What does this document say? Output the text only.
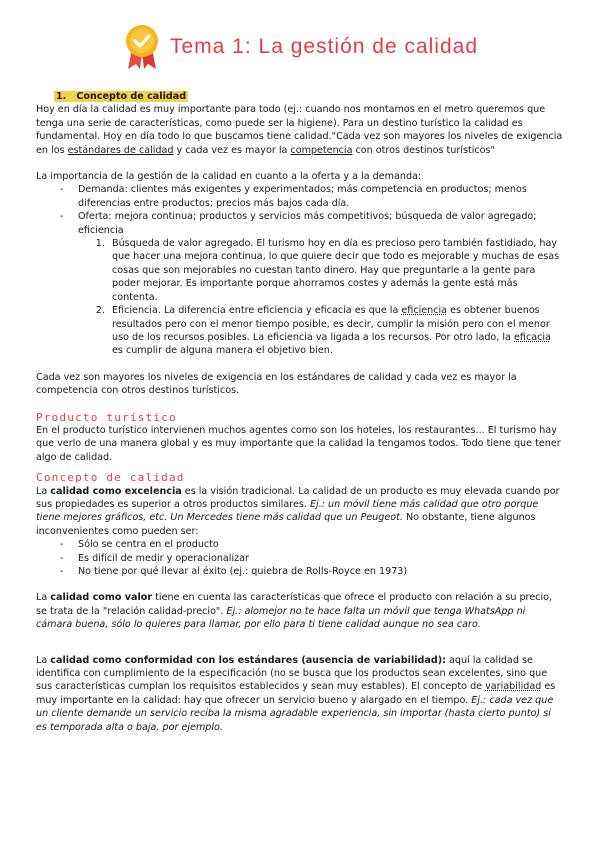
Tema 1: La gestión de calidad
1. Concepto de calidad

Hoy en día la calidad es muy importante para todo (ej.: cuando nos montamos en el metro queremos que tenga una serie de características, como puede ser la higiene). Para un destino turístico la calidad es fundamental. Hoy en día todo lo que buscamos tiene calidad."Cada vez son mayores los niveles de exigencia en los estándares de calidad y cada vez es mayor la competencia con otros destinos turísticos"

La importancia de la gestión de la calidad en cuanto a la oferta y a la demanda:

- Demanda: clientes más exigentes y experimentados; más competencia en productos; menos diferencias entre productos; precios más bajos cada día.
- Oferta: mejora continua; productos y servicios más competitivos; búsqueda de valor agregado; eficiencia
1. Búsqueda de valor agregado. El turismo hoy en día es precioso pero también fastidiado, hay que hacer una mejora continua, lo que quiere decir que todo es mejorable y muchas de esas cosas que son mejorables no cuestan tanto dinero. Hay que preguntarle a la gente para poder mejorar. Es importante porque ahorramos costes y además la gente está más contenta.
2. Eficiencia. La diferencia entre eficiencia y eficacia es que la eficiencia es obtener buenos resultados pero con el menor tiempo posible, es decir, cumplir la misión pero con el menor uso de los recursos posibles. La eficiencia va ligada a los recursos. Por otro lado, la eficacia es cumplir de alguna manera el objetivo bien.

Cada vez son mayores los niveles de exigencia en los estándares de calidad y cada vez es mayor la competencia con otros destinos turísticos.

Producto turístico

En el producto turístico intervienen muchos agentes como son los hoteles, los restaurantes... El turismo hay que verlo de una manera global y es muy importante que la calidad la tengamos todos. Todo tiene que tener algo de calidad.

Concepto de calidad

La calidad como excelencia es la visión tradicional. La calidad de un producto es muy elevada cuando por sus propiedades es superior a otros productos similares. Ej.: un móvil tiene más calidad que otro porque tiene mejores gráficos, etc. Un Mercedes tiene más calidad que un Peugeot. No obstante, tiene algunos inconvenientes como pueden ser:

- Sólo se centra en el producto
- Es difícil de medir y operacionalizar
- No tiene por qué llevar al éxito (ej.: quiebra de Rolls-Royce en 1973)

La calidad como valor tiene en cuenta las características que ofrece el producto con relación a su precio, se trata de la "relación calidad-precio". Ej.: alomejor no te hace falta un móvil que tenga WhatsApp ni cámara buena, sólo lo quieres para llamar, por ello para ti tiene calidad aunque no sea caro.

La calidad como conformidad con los estándares (ausencia de variabilidad): aquí la calidad se identifica con cumplimiento de la especificación (no se busca que los productos sean excelentes, sino que sus características cumplan los requisitos establecidos y sean muy estables). El concepto de variabilidad es muy importante en la calidad: hay que ofrecer un servicio bueno y alargado en el tiempo. Ej.: cada vez que un cliente demande un servicio reciba la misma agradable experiencia, sin importar (hasta cierto punto) si es temporada alta o baja, por ejemplo.
